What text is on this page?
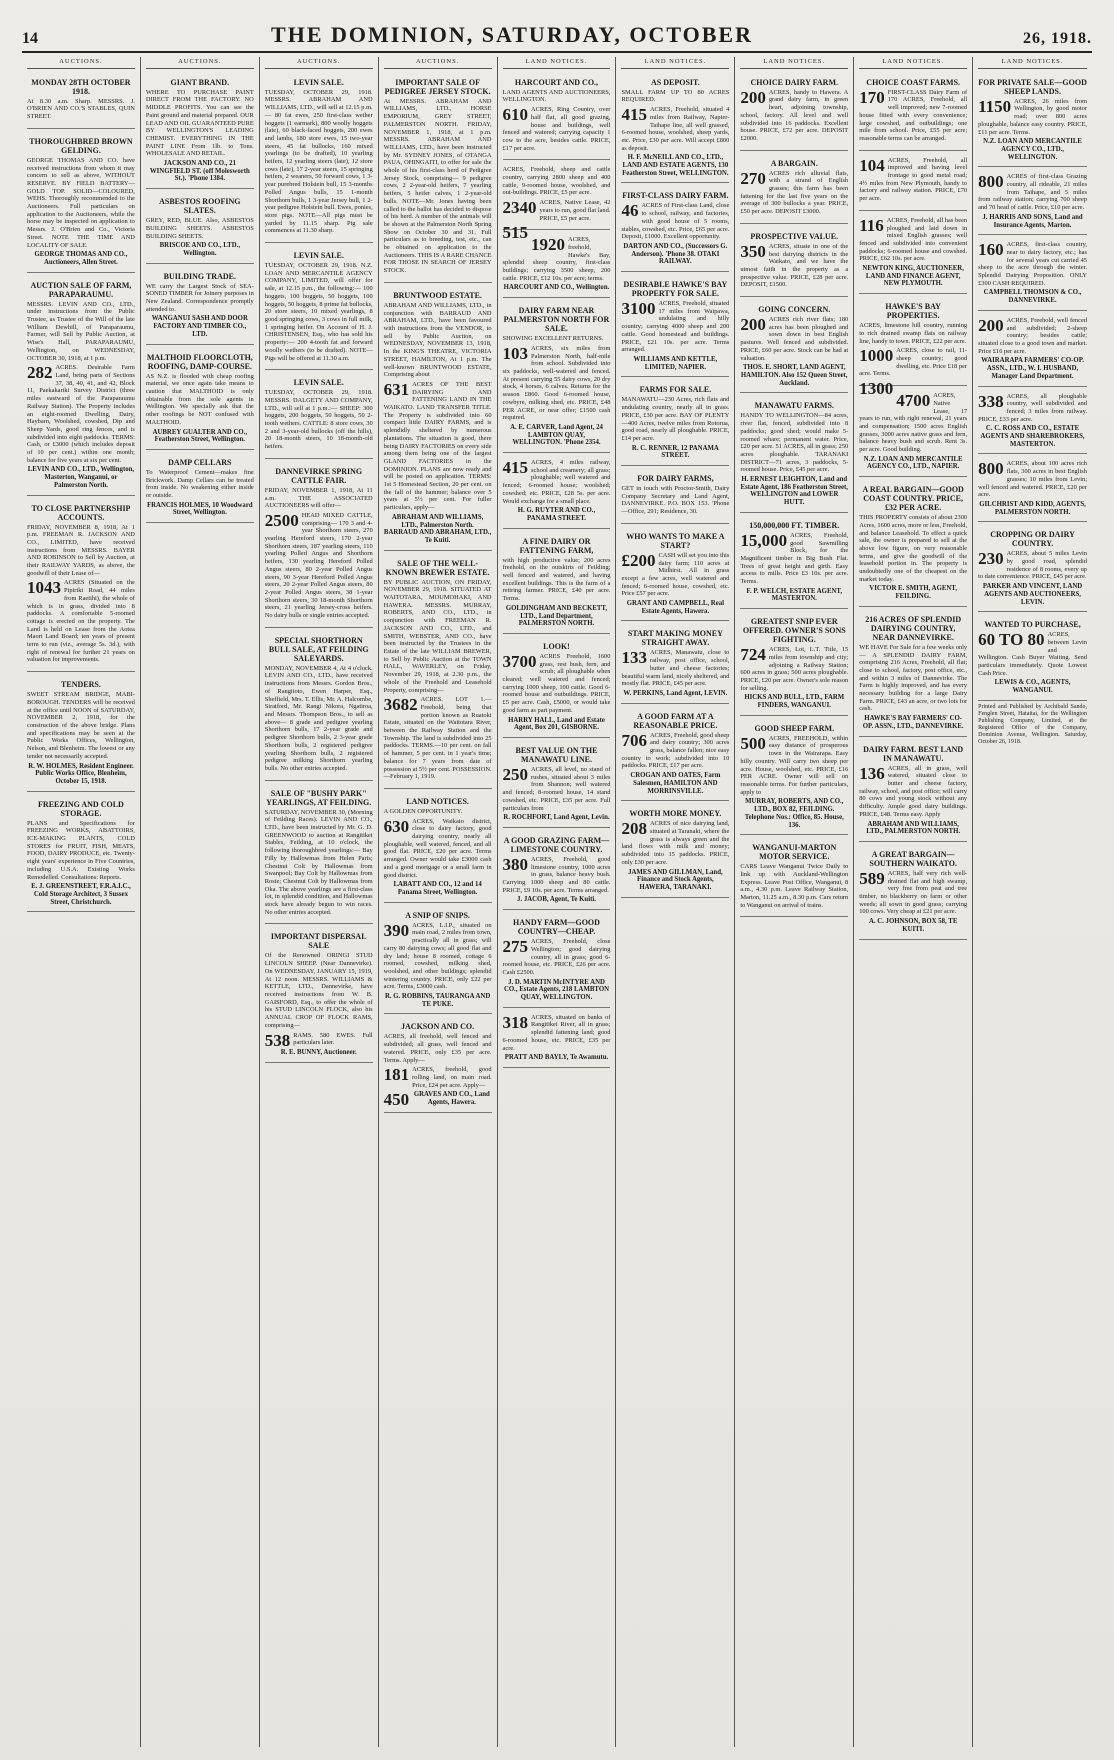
14	THE DOMINION, SATURDAY, OCTOBER	26, 1918.
AUCTIONS.
MONDAY 28TH OCTOBER 1918.

At 8.30 a.m. Sharp. MESSRS. J. O'BRIEN AND CO.'S STABLES, QUIN STREET.

THOROUGHBRED BROWN GELDING.

GEORGE THOMAS AND CO. have received instructions from whom it may concern to sell as above, WITHOUT RESERVE. BY FIELD BATTERY—GOLD TOP. SOLID—COLOURED, WEHS. Thoroughly recommended to the Auctioneers. Full particulars on application to the Auctioneers, while the horse may be inspected on application to Messrs. J. O'Brien and Co., Victoria Street. NOTE THE TIME AND LOCALITY OF SALE.

GEORGE THOMAS AND CO., Auctioneers, Allen Street.
AUCTION SALE OF FARM, PARAPARAUMU.

MESSRS. LEVIN AND CO., LTD., under instructions from the Public Trustee, as Trustee of the Will of the late William Dewhill, of Paraparaumu, Farmer, will Sell by Public Auction, at Wise's Hall, PARAPARAUMU, Wellington, on WEDNESDAY, OCTOBER 30, 1918, at 1 p.m.

282 ACRES. Desirable Farm Land, being parts of Sections 37, 38, 40, 41, and 42, Block 11, Paekakariki Survey District (three miles eastward of the Paraparaumu Railway Station). The Property includes an eight-roomed Dwelling, Dairy, Haybarn, Woolshed, cowshed, Dip and Sheep Yards, good ring fences, and is subdivided into eight paddocks. TERMS: Cash, or £3000 (which includes deposit of 10 per cent.) within one month; balance for five years at six per cent.

LEVIN AND CO., LTD., Wellington, Masterton, Wanganui, or Palmerston North.
TO CLOSE PARTNERSHIP ACCOUNTS.

FRIDAY, NOVEMBER 8, 1918, At 1 p.m. FREEMAN R. JACKSON AND CO., LIMITED, have received instructions from MESSRS. BAYER AND ROBINSON to Sell by Auction, at their RAILWAY YARDS, as above, the goodwill of their Lease of—

1043 ACRES (Situated on the Pipiriki Road, 44 miles from Raetihi), the whole of which is in grass, divided into 8 paddocks. A comfortable 5-roomed cottage is erected on the property. The Land is held on Lease from the Aotea Maori Land Board; ten years of present term to run (viz., average 5s. 3d.), with right of renewal for further 21 years on valuation for improvements.

TENDERS.

SWEET STREAM BRIDGE, MABI-BOROUGH. TENDERS will be received at the office until NOON of SATURDAY, NOVEMBER 2, 1918, for the construction of the above bridge. Plans and specifications may be seen at the Public Works Offices, Wellington, Nelson, and Blenheim. The lowest or any tender not necessarily accepted.

R. W. HOLMES, Resident Engineer. Public Works Office, Blenheim, October 15, 1918.
FREEZING AND COLD STORAGE.

PLANS and Specifications for FREEZING WORKS, ABATTOIRS, ICE-MAKING PLANTS, COLD STORES for FRUIT, FISH, MEATS, FOOD, DAIRY PRODUCE, etc. Twenty-eight years' experience in Five Countries, including U.S.A. Existing Works Remodelled. Consultations: Reports.

E. J. GREENSTREET, F.R.A.I.C., Cold Storage Architect, 3 Sussex Street, Christchurch.
AUCTIONS.
GIANT BRAND.

WHERE TO PURCHASE PAINT DIRECT FROM THE FACTORY. NO MIDDLE PROFITS. You can see the Paint ground and material prepared. OUR LEAD AND OIL GUARANTEED PURE BY WELLINGTON'S LEADING CHEMIST. EVERYTHING IN THE PAINT LINE From 1lb. to Tons. WHOLESALE AND RETAIL.

JACKSON AND CO., 21 WINGFIELD ST. (off Molesworth St.). 'Phone 1384.
ASBESTOS ROOFING SLATES.

GREY, RED, BLUE. Also, ASBESTOS BUILDING SHEETS. ASBESTOS BUILDING SHEETS.

BRISCOE AND CO., LTD., Wellington.
BUILDING TRADE.

WE carry the Largest Stock of SEA-SONED TIMBER for Joinery purposes in New Zealand. Correspondence promptly attended to.

WANGANUI SASH AND DOOR FACTORY AND TIMBER CO., LTD.
MALTHOID FLOORCLOTH, ROOFING, DAMP-COURSE.

AS N.Z. is flooded with cheap roofing material, we once again take means to caution that MALTHOID is only obtainable from the sole agents in Wellington. We specially ask that the other roofings be NOT confused with MALTHOID.

AUBREY GUALTER AND CO., Featherston Street, Wellington.
DAMP CELLARS

To Waterproof Cement—makes fine Brickwork. Damp Cellars can be treated from inside. No weakening either inside or outside.

FRANCIS HOLMES, 10 Woodward Street, Wellington.
AUCTIONS.
LEVIN SALE.

TUESDAY, OCTOBER 29, 1918. MESSRS. ABRAHAM AND WILLIAMS, LTD., will sell at 12.15 p.m.— 80 fat ewes, 250 first-class wether hoggets (1 earmark), 800 woolly hoggets (late), 60 black-faced hoggets, 200 ewes and lambs, 180 store ewes, 15 two-year steers, 45 fat bullocks, 160 mixed yearlings (to be drafted), 10 yearling heifers, 12 yearling steers (late), 12 store cows (late), 17 2-year steers, 15 springing heifers, 2 weaners, 50 forward cows, 1 3-year purebred Holstein bull, 15 3-months Polled Angus bulls, 15 1-month Shorthorn bulls, 1 3-year Jersey bull, 1 2-year pedigree Holstein bull. Ewes, ponies, store pigs. NOTE—All pigs must be yarded by 11.15 sharp. Pig sale commences at 11.30 sharp.

LEVIN SALE.

TUESDAY, OCTOBER 29, 1918. N.Z. LOAN AND MERCANTILE AGENCY COMPANY, LIMITED, will offer for sale, at 12.15 p.m., the following:— 100 hoggets, 100 hoggets, 50 hoggets, 100 hoggets, 50 hoggets, 8 prime fat bullocks, 20 store steers, 10 mixed yearlings, 8 good springing cows, 3 cows in full milk, 1 springing heifer. On Account of H. J. CHRISTENSEN, Esq., who has sold his property:— 200 4-tooth fat and forward woolly wethers (to be drafted). NOTE—Pigs will be offered at 11.30 a.m.

LEVIN SALE.

TUESDAY, OCTOBER 29, 1918. MESSRS. DALGETY AND COMPANY, LTD., will sell at 1 p.m.:— SHEEP: 300 hoggets, 200 hoggets, 50 hoggets, 50 2-tooth wethers. CATTLE: 8 store cows, 30 2 and 3-year-old bullocks (off the hills), 20 18-month steers, 10 18-month-old heifers.

DANNEVIRKE SPRING CATTLE FAIR.

FRIDAY, NOVEMBER 1, 1918, At 11 a.m. THE ASSOCIATED AUCTIONEERS will offer—

2500 HEAD MIXED CATTLE, comprising— 170 3 and 4-year Shorthorn steers, 270 yearling Hereford steers, 170 2-year Shorthorn steers, 187 yearling steers, 110 yearling Polled Angus and Shorthorn heifers, 130 yearling Hereford Polled Angus steers, 80 2-year Polled Angus steers, 90 3-year Hereford Polled Angus steers, 20 2-year Polled Angus steers, 80 2-year Polled Angus steers, 38 1-year Shorthorn steers, 30 18-month Shorthorn steers, 21 yearling Jersey-cross heifers. No dairy bulls or single entries accepted.

SPECIAL SHORTHORN BULL SALE, AT FEILDING SALEYARDS.

MONDAY, NOVEMBER 4, At 4 o'clock. LEVIN AND CO., LTD., have received instructions from Messrs. Gordon Bros., of Rangitoto, Ewen Harper, Esq., Sheffield, Mrs. T. Ellis, Mr. A. Halcombe, Stratford, Mr. Rangi Nikora, Ngatiroa, and Messrs. Thompson Bros., to sell as above— 8 grade and pedigree yearling Shorthorn bulls, 17 2-year grade and pedigree Shorthorn bulls, 2 3-year grade Shorthorn bulls, 2 registered pedigree yearling Shorthorn bulls, 2 registered pedigree milking Shorthorn yearling bulls. No other entries accepted.

SALE OF "BUSHY PARK" YEARLINGS, AT FEILDING.

SATURDAY, NOVEMBER 30, (Morning of Feilding Races). LEVIN AND CO., LTD., have been instructed by Mr. G. D. GREENWOOD to auction at Rangitikei Stables, Feilding, at 10 o'clock, the following thoroughbred yearlings:— Bay Filly by Hallowmas from Helen Paris; Chestnut Colt by Hallowmas from Swanpool; Bay Colt by Hallowmas from Rosie; Chestnut Colt by Hallowmas from Oka. The above yearlings are a first-class lot, in splendid condition, and Hallowmas stock have already begun to win races. No other entries accepted.

IMPORTANT DISPERSAL SALE

Of the Renowned ORINGI STUD LINCOLN SHEEP. (Near Dannevirke). On WEDNESDAY, JANUARY 15, 1919, At 12 noon. MESSRS. WILLIAMS & KETTLE, LTD., Dannevirke, have received instructions from W. B. GAISFORD, Esq., to offer the whole of his STUD LINCOLN FLOCK, also his ANNUAL CROP OF FLOCK RAMS, comprising—

538 RAMS. 580 EWES. Full particulars later.

R. E. BUNNY, Auctioneer.
AUCTIONS.
IMPORTANT SALE OF PEDIGREE JERSEY STOCK.

At MESSRS. ABRAHAM AND WILLIAMS, LTD., HORSE EMPORIUM, GREY STREET, PALMERSTON NORTH. FRIDAY, NOVEMBER 1, 1918, at 1 p.m. MESSRS. ABRAHAM AND WILLIAMS, LTD., have been instructed by Mr. SYDNEY JONES, of OTANGA PAUA, OHINGAITI, to offer for sale the whole of his first-class herd of Pedigree Jersey Stock, comprising— 9 pedigree cows, 2 2-year-old heifers, 7 yearling heifers, 5 heifer calves, 1 2-year-old bulls. NOTE—Mr. Jones having been called to the ballot has decided to dispose of his herd. A number of the animals will be shown at the Palmerston North Spring Show on October 30 and 31. Full particulars as to breeding, test, etc., can be obtained on application to the Auctioneers. THIS IS A RARE CHANCE FOR THOSE IN SEARCH OF JERSEY STOCK.

BRUNTWOOD ESTATE.

ABRAHAM AND WILLIAMS, LTD., in conjunction with BARRAUD AND ABRAHAM, LTD., have been favoured with instructions from the VENDOR, to sell by Public Auction, on WEDNESDAY, NOVEMBER 13, 1918, In the KING'S THEATRE, VICTORIA STREET, HAMILTON, At 1 p.m. The well-known BRUNTWOOD ESTATE, Comprising about

631 ACRES OF THE BEST DAIRYING AND FATTENING LAND IN THE WAIKATO. LAND TRANSFER TITLE. The Property is subdivided into 60 compact little DAIRY FARMS, and is splendidly sheltered by numerous plantations. The situation is good, there being DAIRY FACTORIES on every side among them being one of the largest GLAND FACTORIES in the DOMINION. PLANS are now ready and will be posted on application. TERMS: 1st 5 Homestead Section, 20 per cent. on the fall of the hammer; balance over 5 years at 5½ per cent. For fuller particulars, apply—

ABRAHAM AND WILLIAMS, LTD., Palmerston North. BARRAUD AND ABRAHAM, LTD., Te Kuiti.
SALE OF THE WELL-KNOWN BREWER ESTATE.

BY PUBLIC AUCTION, ON FRIDAY, NOVEMBER 29, 1918. SITUATED AT WAITOTARA, MOUMOHAKI, AND HAWERA. MESSRS. MURRAY, ROBERTS, AND CO., LTD., in conjunction with FREEMAN R. JACKSON AND CO., LTD., and SMITH, WEBSTER, AND CO., have been instructed by the Trustees in the Estate of the late WILLIAM BREWER, to Sell by Public Auction at the TOWN HALL, WAVERLEY, on Friday, November 29, 1918, at 2.30 p.m., the whole of the Freehold and Leasehold Property, comprising—

3682 ACRES. LOT 1.—Freehold, being that portion known as Ruatoki Estate, situated on the Waitotara River, between the Railway Station and the Township. The land is subdivided into 25 paddocks. TERMS.—10 per cent. on fall of hammer, 5 per cent. in 1 year's time; balance for 7 years from date of possession at 5½ per cent. POSSESSION.—February 1, 1919.

LAND NOTICES.

A GOLDEN OPPORTUNITY.

630 ACRES, Waikato district, close to dairy factory, good dairying country, nearly all ploughable, well watered, fenced, and all good flat. PRICE, £20 per acre. Terms arranged. Owner would take £3000 cash and a good mortgage or a small farm in good district.

LABATT AND CO., 12 and 14 Panama Street, Wellington.
A SNIP OF SNIPS.

390 ACRES, L.I.P., situated on main road, 2 miles from town, practically all in grass; will carry 80 dairying cows; all good flat and dry land; house 8 roomed, cottage 6 roomed, cowshed, milking shed, woolshed, and other buildings; splendid wintering country. PRICE, only £22 per acre. Terms, £3000 cash.

R. G. ROBBINS, TAURANGA AND TE PUKE.
JACKSON AND CO.

ACRES, all freehold, well fenced and subdivided; all grass, well fenced and watered. PRICE, only £35 per acre. Terms. Apply—

181 ACRES, freehold, good rolling land, on main road. Price, £24 per acre. Apply—

450 GRAVES AND CO., Land Agents, Hawera.
LAND NOTICES.
HARCOURT AND CO.,

LAND AGENTS AND AUCTIONEERS, WELLINGTON.

610 ACRES, Ring Country, over half flat, all good grazing, house and buildings, well fenced and watered; carrying capacity 1 cow to the acre, besides cattle. PRICE, £17 per acre.

ACRES, Freehold, sheep and cattle country, carrying 2800 sheep and 400 cattle, 9-roomed house, woolshed, and out-buildings. PRICE, £5 per acre.

2340 ACRES, Native Lease, 42 years to run, good flat land. PRICE, £5 per acre.

515

1920 ACRES, freehold, Hawke's Bay, splendid sheep country, first-class buildings; carrying 3500 sheep, 200 cattle. PRICE, £12 10s. per acre; terms.

HARCOURT AND CO., Wellington.
DAIRY FARM NEAR PALMERSTON NORTH FOR SALE.

SHOWING EXCELLENT RETURNS.

103 ACRES, six miles from Palmerston North, half-mile from school. Subdivided into six paddocks, well-watered and fenced. At present carrying 55 dairy cows, 20 dry stock, 4 horses, 6 calves. Returns for the season £860. Good 6-roomed house, cowbyre, milking shed, etc. PRICE, £48 PER ACRE, or near offer; £1500 cash required.

A. E. CARVER, Land Agent, 24 LAMBTON QUAY, WELLINGTON. 'Phone 2354.

415 ACRES, 4 miles railway, school and creamery; all grass; ploughable; well watered and fenced; 6-roomed house; woolshed; cowshed; etc. PRICE, £28 5s. per acre. Would exchange for a small place.

H. G. RUYTER AND CO., PANAMA STREET.
A FINE DAIRY OR FATTENING FARM,

with high productive value; 200 acres freehold, on the outskirts of Feilding; well fenced and watered, and having excellent buildings. This is the farm of a retiring farmer. PRICE, £40 per acre. Terms.

GOLDINGHAM AND BECKETT, LTD., Land Department, PALMERSTON NORTH.
LOOK!

3700 ACRES Freehold, 1600 grass, rest bush, fern, and scrub; all ploughable when cleared; well watered and fenced; carrying 1000 sheep, 100 cattle. Good 6-roomed house and outbuildings. PRICE, £5 per acre. Cash, £5000, or would take good farm as part payment.

HARRY HALL, Land and Estate Agent, Box 201, GISBORNE.
BEST VALUE ON THE MANAWATU LINE.

250 ACRES, all level, no stand of rushes, situated about 3 miles from Shannon; well watered and fenced; 8-roomed house, 14 stand cowshed, etc. PRICE, £35 per acre. Full particulars from

R. ROCHFORT, Land Agent, Levin.
A GOOD GRAZING FARM—LIMESTONE COUNTRY.

380 ACRES, Freehold, good limestone country, 1000 acres in grass, balance heavy bush. Carrying 1000 sheep and 80 cattle. PRICE, £9 10s. per acre. Terms arranged.

J. JACOB, Agent, Te Kuiti.
HANDY FARM—GOOD COUNTRY—CHEAP.

275 ACRES, Freehold, close Wellington; good dairying country, all in grass; good 6-roomed house, etc. PRICE, £26 per acre. Cash £2500.

J. D. MARTIN McINTYRE AND CO., Estate Agents, 218 LAMBTON QUAY, WELLINGTON.

318 ACRES, situated on banks of Rangitikei River, all in grass; splendid fattening land; good 6-roomed house, etc. PRICE, £35 per acre.

PRATT AND BAYLY, Te Awamutu.
LAND NOTICES.
AS DEPOSIT.

SMALL FARM UP TO 80 ACRES REQUIRED.

415 ACRES, Freehold, situated 4 miles from Railway, Napier-Taihape line, all well grassed, 6-roomed house, woolshed, sheep yards, etc. Price, £30 per acre. Will accept £800 as deposit.

H. F. McNEILL AND CO., LTD., LAND AND ESTATE AGENTS, 130 Featherston Street, WELLINGTON.
FIRST-CLASS DAIRY FARM.

46 ACRES of First-class Land, close to school, railway, and factories, with good house of 5 rooms, stables, cowshed, etc. Price, £65 per acre. Deposit, £1000. Excellent opportunity.

DARTON AND CO., (Successors G. Anderson). 'Phone 38. OTAKI RAILWAY.
DESIRABLE HAWKE'S BAY PROPERTY FOR SALE.

3100 ACRES, Freehold, situated 17 miles from Waipawa, undulating and hilly country; carrying 4000 sheep and 200 cattle. Good homestead and buildings. PRICE, £21 10s. per acre. Terms arranged.

WILLIAMS AND KETTLE, LIMITED, NAPIER.
FARMS FOR SALE.

MANAWATU—230 Acres, rich flats and undulating country, nearly all in grass. PRICE, £30 per acre. BAY OF PLENTY—400 Acres, twelve miles from Rotorua, good road, nearly all ploughable. PRICE, £14 per acre.

R. C. RENNER, 12 PANAMA STREET.
FOR DAIRY FARMS,

GET in touch with Proctor-Smith, Dairy Company Secretary and Land Agent, DANNEVIRKE. P.O. BOX 153. 'Phone—Office, 291; Residence, 30.

WHO WANTS TO MAKE A START?

£200 CASH will set you into this dairy farm; 110 acres at Midhirst. All in grass except a few acres, well watered and fenced; 6-roomed house, cowshed, etc. Price £57 per acre.

GRANT AND CAMPBELL, Real Estate Agents, Hawera.
START MAKING MONEY STRAIGHT AWAY.

133 ACRES, Manawatu, close to railway, post office, school, butter and cheese factories; beautiful warm land, nicely sheltered, and mostly flat. PRICE, £45 per acre.

W. PERKINS, Land Agent, LEVIN.
A GOOD FARM AT A REASONABLE PRICE.

706 ACRES, Freehold, good sheep and dairy country; 300 acres grass, balance fallen; nice easy country to work; subdivided into 10 paddocks. PRICE, £17 per acre.

CROGAN AND OATES, Farm Salesmen, HAMILTON AND MORRINSVILLE.
WORTH MORE MONEY.

208 ACRES of nice dairying land, situated at Taranaki, where the grass is always green and the land flows with milk and money; subdivided into 15 paddocks. PRICE, only £30 per acre.

JAMES AND GILLMAN, Land, Finance and Stock Agents, HAWERA, TARANAKI.
LAND NOTICES.
CHOICE DAIRY FARM.

200 ACRES, handy to Hawera. A grand dairy farm, in green heart, adjoining township, school, factory. All level and well subdivided into 16 paddocks. Excellent house. PRICE, £72 per acre. DEPOSIT £2000.

A BARGAIN.

270 ACRES rich alluvial flats, with a strand of English grasses; this farm has been fattening for the last five years on the average of 300 bullocks a year. PRICE, £50 per acre. DEPOSIT £3000.

PROSPECTIVE VALUE.

350 ACRES, situate in one of the best dairying districts in the Waikato, and we have the utmost faith in the property as a prospective value. PRICE, £28 per acre. DEPOSIT, £1500.

GOING CONCERN.

200 ACRES rich river flats; 180 acres has been ploughed and sown down in best English pastures. Well fenced and subdivided. PRICE, £60 per acre. Stock can be had at valuation.

THOS. E. SHORT, LAND AGENT, HAMILTON. Also 152 Queen Street, Auckland.
MANAWATU FARMS.

HANDY TO WELLINGTON—84 acres, river flat, fenced, subdivided into 8 paddocks; good shed; would make 5-roomed whare; permanent water. Price, £20 per acre. 51 ACRES, all in grass; 250 acres ploughable. TARANAKI DISTRICT—71 acres, 3 paddocks, 5-roomed house. Price, £45 per acre.

H. ERNEST LEIGHTON, Land and Estate Agent, 186 Featherston Street, WELLINGTON and LOWER HUTT.
150,000,000 FT. TIMBER.

15,000 ACRES, Freehold, good Sawmilling Block, for the Magnificent timber in Big Bush Flat. Trees of great height and girth. Easy access to mills. Price £3 10s. per acre. Terms.

F. P. WELCH, ESTATE AGENT, MASTERTON.
GREATEST SNIP EVER OFFERED. OWNER'S SONS FIGHTING.

724 ACRES, Lot, L.T. Title, 15 miles from township and city; adjoining a Railway Station; 600 acres in grass; 500 acres ploughable. PRICE, £20 per acre. Owner's sole reason for selling.

HICKS AND BULL, LTD., FARM FINDERS, WANGANUI.
GOOD SHEEP FARM.

500 ACRES, FREEHOLD, within easy distance of prosperous town in the Wairarapa. Easy hilly country. Will carry two sheep per acre. House, woolshed, etc. PRICE, £16 PER ACRE. Owner will sell on reasonable terms. For further particulars, apply to

MURRAY, ROBERTS, AND CO., LTD., BOX 82, FEILDING. Telephone Nos.: Office, 85. House, 136.
WANGANUI-MARTON MOTOR SERVICE.

CARS Leave Wanganui Twice Daily to link up with Auckland-Wellington Express. Leave Post Office, Wanganui, 8 a.m., 4.30 p.m. Leave Railway Station, Marton, 11.25 a.m., 8.30 p.m. Cars return to Wanganui on arrival of trains.

LAND NOTICES.
CHOICE COAST FARMS.

170 FIRST-CLASS Dairy Farm of 170 ACRES, Freehold, all well improved; new 7-roomed house fitted with every convenience; large cowshed, and outbuildings; one mile from school. Price, £55 per acre; reasonable terms can be arranged.

104 ACRES, Freehold, all improved and having level frontage to good metal road; 4½ miles from New Plymouth, handy to factory and railway station. PRICE, £70 per acre.

116 ACRES, Freehold, all has been ploughed and laid down in mixed English grasses; well fenced and subdivided into convenient paddocks; 6-roomed house and cowshed. PRICE, £62 10s. per acre.

NEWTON KING, AUCTIONEER, LAND AND FINANCE AGENT, NEW PLYMOUTH.
HAWKE'S BAY PROPERTIES.

ACRES, limestone hill country, running to rich drained swamp flats on railway line, handy to town. PRICE, £22 per acre.

1000 ACRES, close to rail, 11-sheep country; good dwelling, etc. Price £18 per acre. Terms.

1300

4700 ACRES, Native Lease, 17 years to run, with right renewal, 21 years and compensation; 1500 acres English grasses, 3000 acres native grass and fern, balance heavy bush and scrub. Rent 3s. per acre. Good building.

N.Z. LOAN AND MERCANTILE AGENCY CO., LTD., NAPIER.
A REAL BARGAIN—GOOD COAST COUNTRY. PRICE, £32 PER ACRE.

THIS PROPERTY consists of about 2300 Acres, 1600 acres, more or less, Freehold, and balance Leasehold. To effect a quick sale, the owner is prepared to sell at the above low figure, on very reasonable terms, and give the goodwill of the leasehold portion in. The property is undoubtedly one of the cheapest on the market today.

VICTOR E. SMITH, AGENT, FEILDING.
216 ACRES OF SPLENDID DAIRYING COUNTRY, NEAR DANNEVIRKE.

WE HAVE For Sale for a few weeks only— A SPLENDID DAIRY FARM, comprising 216 Acres, Freehold, all flat; close to school, factory, post office, etc., and within 3 miles of Dannevirke. The Farm is highly improved, and has every necessary building for a large Dairy Farm. PRICE, £43 an acre, or two lots for cash.

HAWKE'S BAY FARMERS' CO-OP. ASSN., LTD., DANNEVIRKE.
DAIRY FARM. BEST LAND IN MANAWATU.

136 ACRES, all in grass, well watered, situated close to butter and cheese factory, railway, school, and post office; will carry 80 cows and young stock without any difficulty. Ample good dairy buildings. PRICE, £48. Terms easy. Apply

ABRAHAM AND WILLIAMS, LTD., PALMERSTON NORTH.
A GREAT BARGAIN—SOUTHERN WAIKATO.

589 ACRES, half very rich well-drained flat and high swamp, very free from peat and tree timber, no blackberry on farm or other weeds; all sown in good grass; carrying 100 cows. Very cheap at £21 per acre.

A. C. JOHNSON, BOX 58, TE KUITI.
LAND NOTICES.
FOR PRIVATE SALE—GOOD SHEEP LANDS.

1150 ACRES, 26 miles from Wellington, by good motor road; over 800 acres ploughable, balance easy country. PRICE, £11 per acre. Terms.

N.Z. LOAN AND MERCANTILE AGENCY CO., LTD., WELLINGTON.

800 ACRES of first-class Grazing country, all rideable, 21 miles from Taihape, and 5 miles from railway station; carrying 700 sheep and 70 head of cattle. Price, £10 per acre.

J. HARRIS AND SONS, Land and Insurance Agents, Marton.

160 ACRES, first-class country, near to dairy factory, etc.; has for several years cut carried 45 sheep to the acre through the winter. Splendid Dairying Proposition. ONLY £300 CASH REQUIRED.

CAMPBELL THOMSON & CO., DANNEVIRKE.

200 ACRES, Freehold, well fenced and subdivided; 2-sheep country; besides cattle; situated close to a good town and market. Price £16 per acre.

WAIRARAPA FARMERS' CO-OP. ASSN., LTD., W. I. HUSBAND, Manager Land Department.

338 ACRES, all ploughable country, well subdivided and fenced; 3 miles from railway. PRICE, £33 per acre.

C. C. ROSS AND CO., ESTATE AGENTS AND SHAREBROKERS, MASTERTON.

800 ACRES, about 100 acres rich flats, 300 acres in best English grasses; 10 miles from Levin; well fenced and watered. PRICE, £20 per acre.

GILCHRIST AND KIDD, AGENTS, PALMERSTON NORTH.
CROPPING OR DAIRY COUNTRY.

230 ACRES, about 5 miles Levin by good road, splendid residence of 8 rooms, every up to date convenience. PRICE, £45 per acre.

PARKER AND VINCENT, LAND AGENTS AND AUCTIONEERS, LEVIN.
WANTED TO PURCHASE,

60 TO 80 ACRES, between Levin and Wellington. Cash Buyer Waiting. Send particulars immediately. Quote Lowest Cash Price.

LEWIS & CO., AGENTS, WANGANUI.
Printed and Published by Archibald Sando, Fenglen Street, Hataitai, for the Wellington Publishing Company, Limited, at the Registered Office of the Company, Dominion Avenue, Wellington. Saturday, October 26, 1918.
